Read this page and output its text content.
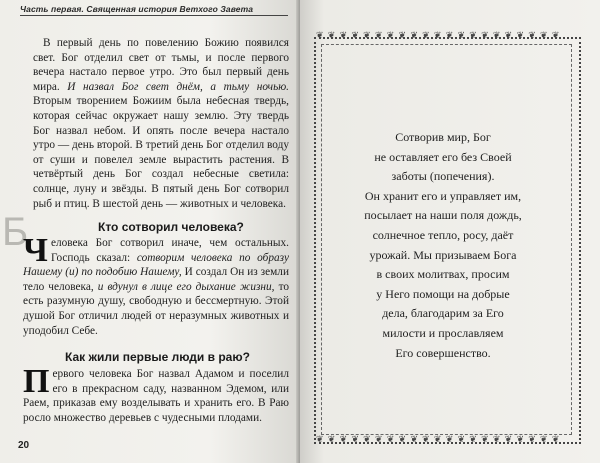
Часть первая. Священная история Ветхого Завета
В первый день по повелению Божию появился свет. Бог отделил свет от тьмы, и после первого вечера настало первое утро. Это был первый день мира. И назвал Бог свет днём, а тьму ночью. Вторым творением Божиим была небесная твердь, которая сейчас окружает нашу землю. Эту твердь Бог назвал небом. И опять после вечера настало утро — день второй. В третий день Бог отделил воду от суши и повелел земле вырастить растения. В четвёртый день Бог создал небесные светила: солнце, луну и звёзды. В пятый день Бог сотворил рыб и птиц. В шестой день — животных и человека.
Б	Кто сотворил человека?
Человека Бог сотворил иначе, чем остальных. Господь сказал: сотворим человека по образу Нашему (и) по подобию Нашему, И создал Он из земли тело человека, и вдунул в лице его дыхание жизни, то есть разумную душу, свободную и бессмертную. Этой душой Бог отличил людей от неразумных животных и уподобил Себе.
Как жили первые люди в раю?
Первого человека Бог назвал Адамом и поселил его в прекрасном саду, названном Эдемом, или Раем, приказав ему возделывать и хранить его. В Раю росло множество деревьев с чудесными плодами.
20
❦ ❦ ❦ ❦ ❦ ❦ ❦ ❦ ❦ ❦ ❦ ❦ ❦ ❦ ❦ ❦ ❦ ❦ ❦ ❦ ❦
❦ ❦ ❦ ❦ ❦ ❦ ❦ ❦ ❦ ❦ ❦ ❦ ❦ ❦ ❦ ❦ ❦ ❦ ❦ ❦ ❦
Сотворив мир, Бог
не оставляет его без Своей
заботы (попечения).
Он хранит его и управляет им,
посылает на наши поля дождь,
солнечное тепло, росу, даёт
урожай. Мы призываем Бога
в своих молитвах, просим
у Него помощи на добрые
дела, благодарим за Его
милости и прославляем
Его совершенство.
